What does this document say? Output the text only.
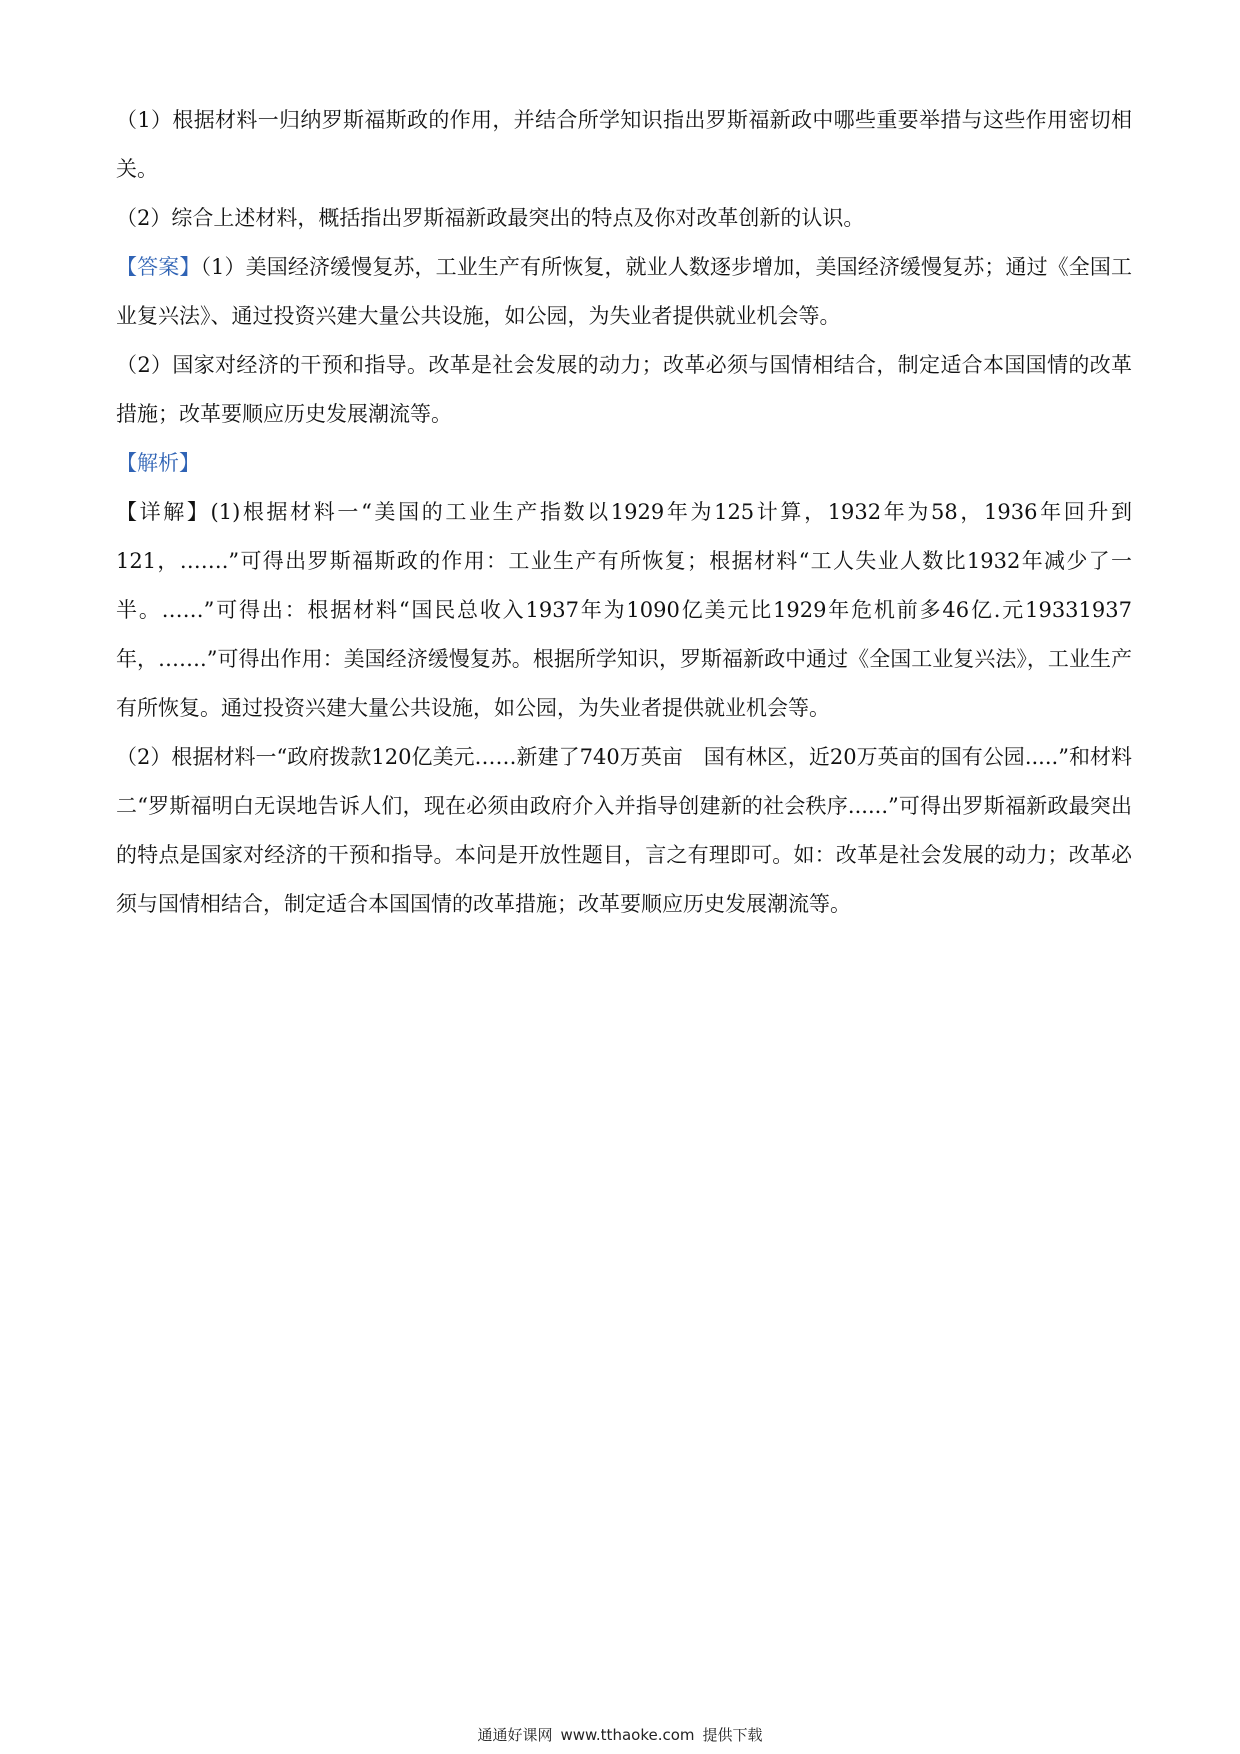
（1）根据材料一归纳罗斯福斯政的作用，并结合所学知识指出罗斯福新政中哪些重要举措与这些作用密切相关。

（2）综合上述材料，概括指出罗斯福新政最突出的特点及你对改革创新的认识。

【答案】（1）美国经济缓慢复苏，工业生产有所恢复，就业人数逐步增加，美国经济缓慢复苏；通过《全国工业复兴法》、通过投资兴建大量公共设施，如公园，为失业者提供就业机会等。

（2）国家对经济的干预和指导。改革是社会发展的动力；改革必须与国情相结合，制定适合本国国情的改革措施；改革要顺应历史发展潮流等。

【解析】

【详解】(1)根据材料一“美国的工业生产指数以1929年为125计算，1932年为58，1936年回升到121，…….”可得出罗斯福斯政的作用：工业生产有所恢复；根据材料“工人失业人数比1932年减少了一半。……”可得出：根据材料“国民总收入1937年为1090亿美元比1929年危机前多46亿.元19331937年，…….”可得出作用：美国经济缓慢复苏。根据所学知识，罗斯福新政中通过《全国工业复兴法》，工业生产有所恢复。通过投资兴建大量公共设施，如公园，为失业者提供就业机会等。

（2）根据材料一“政府拨款120亿美元……新建了740万英亩　国有林区，近20万英亩的国有公园.....”和材料二“罗斯福明白无误地告诉人们，现在必须由政府介入并指导创建新的社会秩序......”可得出罗斯福新政最突出的特点是国家对经济的干预和指导。本问是开放性题目，言之有理即可。如：改革是社会发展的动力；改革必须与国情相结合，制定适合本国国情的改革措施；改革要顺应历史发展潮流等。

通通好课网 www.tthaoke.com 提供下载
